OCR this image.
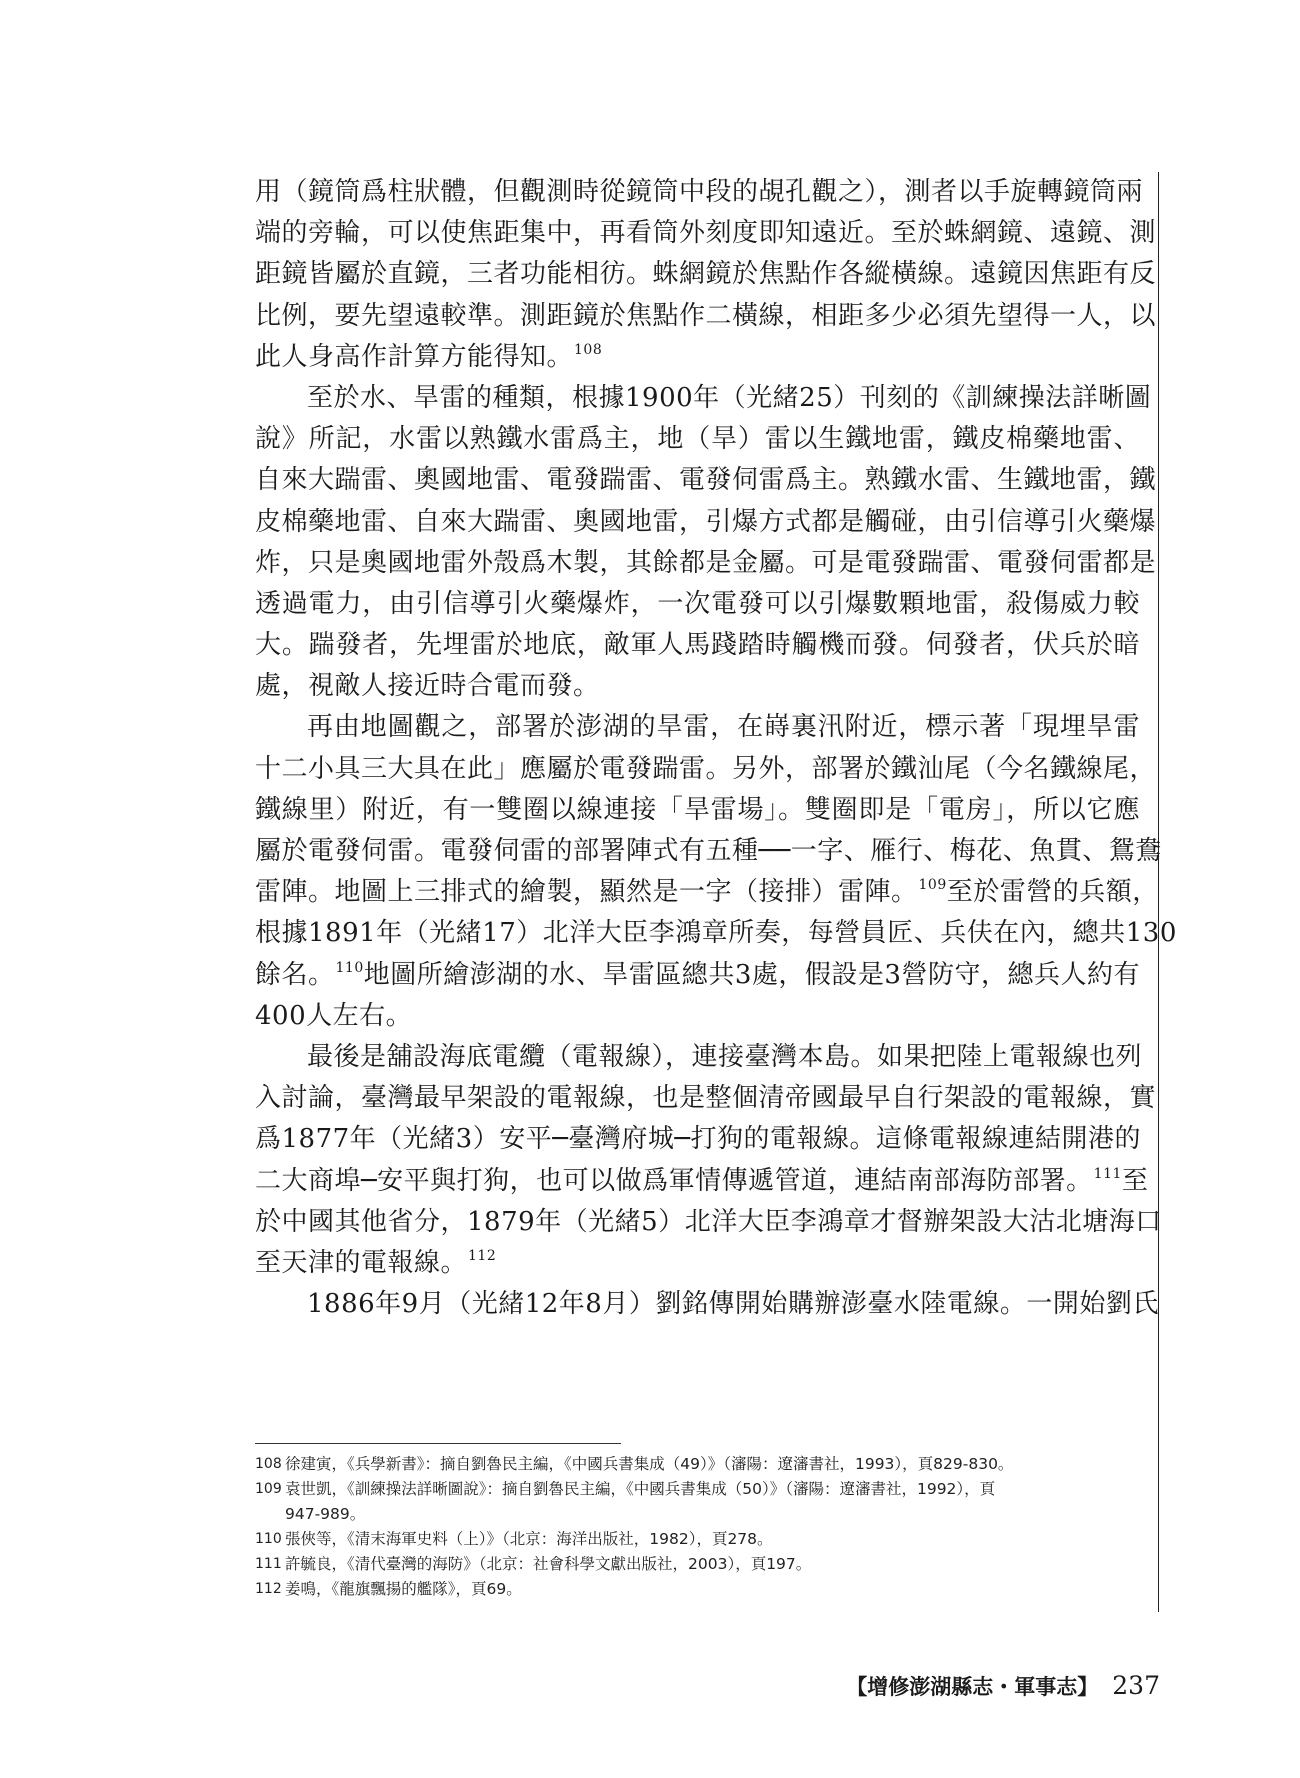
用（鏡筒爲柱狀體，但觀測時從鏡筒中段的覘孔觀之），測者以手旋轉鏡筒兩
端的旁輪，可以使焦距集中，再看筒外刻度即知遠近。至於蛛網鏡、遠鏡、測
距鏡皆屬於直鏡，三者功能相彷。蛛網鏡於焦點作各縱橫線。遠鏡因焦距有反
比例，要先望遠較準。測距鏡於焦點作二橫線，相距多少必須先望得一人，以
此人身高作計算方能得知。$^{108}$
至於水、旱雷的種類，根據1900年（光緒25）刊刻的《訓練操法詳晰圖
說》所記，水雷以熟鐵水雷爲主，地（旱）雷以生鐵地雷，鐵皮棉藥地雷、
自來大踹雷、奧國地雷、電發踹雷、電發伺雷爲主。熟鐵水雷、生鐵地雷，鐵
皮棉藥地雷、自來大踹雷、奧國地雷，引爆方式都是觸碰，由引信導引火藥爆
炸，只是奧國地雷外殼爲木製，其餘都是金屬。可是電發踹雷、電發伺雷都是
透過電力，由引信導引火藥爆炸，一次電發可以引爆數顆地雷，殺傷威力較
大。踹發者，先埋雷於地底，敵軍人馬踐踏時觸機而發。伺發者，伏兵於暗
處，視敵人接近時合電而發。
再由地圖觀之，部署於澎湖的旱雷，在嵵裏汛附近，標示著「現埋旱雷
十二小具三大具在此」應屬於電發踹雷。另外，部署於鐵汕尾（今名鐵線尾，
鐵線里）附近，有一雙圈以線連接「旱雷場」。雙圈即是「電房」，所以它應
屬於電發伺雷。電發伺雷的部署陣式有五種──一字、雁行、梅花、魚貫、鴛鴦
雷陣。地圖上三排式的繪製，顯然是一字（接排）雷陣。$^{109}$至於雷營的兵額，
根據1891年（光緒17）北洋大臣李鴻章所奏，每營員匠、兵伕在內，總共130
餘名。$^{110}$地圖所繪澎湖的水、旱雷區總共3處，假設是3營防守，總兵人約有
400人左右。
最後是舖設海底電纜（電報線），連接臺灣本島。如果把陸上電報線也列
入討論，臺灣最早架設的電報線，也是整個清帝國最早自行架設的電報線，實
爲1877年（光緒3）安平─臺灣府城─打狗的電報線。這條電報線連結開港的
二大商埠─安平與打狗，也可以做爲軍情傳遞管道，連結南部海防部署。$^{111}$至
於中國其他省分，1879年（光緒5）北洋大臣李鴻章才督辦架設大沽北塘海口
至天津的電報線。$^{112}$
1886年9月（光緒12年8月）劉銘傳開始購辦澎臺水陸電線。一開始劉氏
108 徐建寅，《兵學新書》：摘自劉魯民主編，《中國兵書集成（49）》（瀋陽：遼瀋書社，1993），頁829-830。
109 袁世凱，《訓練操法詳晰圖說》：摘自劉魯民主編，《中國兵書集成（50）》（瀋陽：遼瀋書社，1992），頁
947-989。
110 張俠等，《清末海軍史料（上）》（北京：海洋出版社，1982），頁278。
111 許毓良，《清代臺灣的海防》（北京：社會科學文獻出版社，2003），頁197。
112 姜鳴，《龍旗飄揚的艦隊》，頁69。
【增修澎湖縣志・軍事志】 237
